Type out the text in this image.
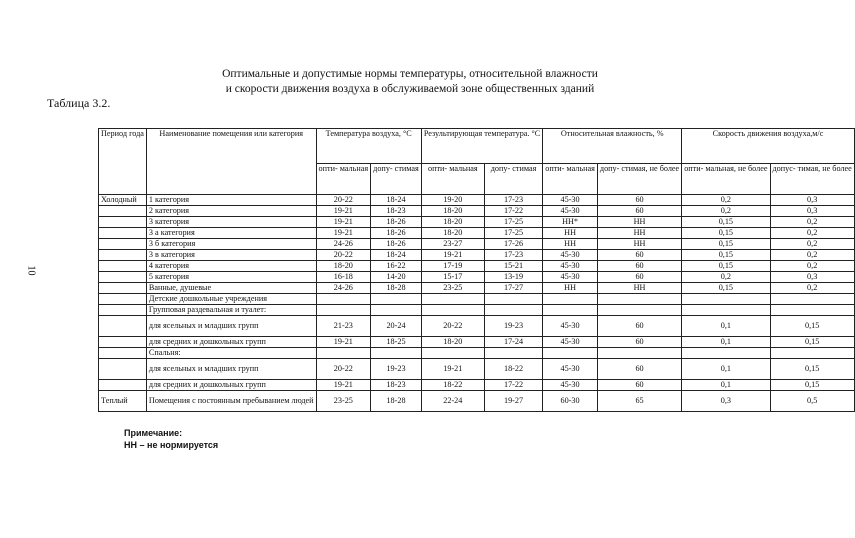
Оптимальные и допустимые нормы температуры, относительной влажности
и скорости движения воздуха в обслуживаемой зоне общественных зданий
Таблица 3.2.
10
Период года	Наименование помещения или категория	Температура воздуха, °С		Результирующая температура. °С		Относительная влажность, %		Скорость движения воздуха,м/с	
		опти- мальная	допу- стимая	опти- мальная	допу- стимая	опти- мальная	допу- стимая, не более	опти- мальная, не более	допус- тимая, не более
Холодный	1 категория	20-22	18-24	19-20	17-23	45-30	60	0,2	0,3
	2 категория	19-21	18-23	18-20	17-22	45-30	60	0,2	0,3
	3 категория	19-21	18-26	18-20	17-25	НН*	НН	0,15	0,2
	3 а категория	19-21	18-26	18-20	17-25	НН	НН	0,15	0,2
	3 б категория	24-26	18-26	23-27	17-26	НН	НН	0,15	0,2
	3 в категория	20-22	18-24	19-21	17-23	45-30	60	0,15	0,2
	4 категория	18-20	16-22	17-19	15-21	45-30	60	0,15	0,2
	5 категория	16-18	14-20	15-17	13-19	45-30	60	0,2	0,3
	Ванные, душевые	24-26	18-28	23-25	17-27	НН	НН	0,15	0,2
	Детские дошкольные учреждения								
	Групповая раздевальная и туалет:								
	для ясельных и младших групп	21-23	20-24	20-22	19-23	45-30	60	0,1	0,15
	для средних и дошкольных групп	19-21	18-25	18-20	17-24	45-30	60	0,1	0,15
	Спальня:								
	для ясельных и младших групп	20-22	19-23	19-21	18-22	45-30	60	0,1	0,15
	для средних и дошкольных групп	19-21	18-23	18-22	17-22	45-30	60	0,1	0,15
Теплый	Помещения с постоянным пребыванием людей	23-25	18-28	22-24	19-27	60-30	65	0,3	0,5
Примечание:
НН – не нормируется
